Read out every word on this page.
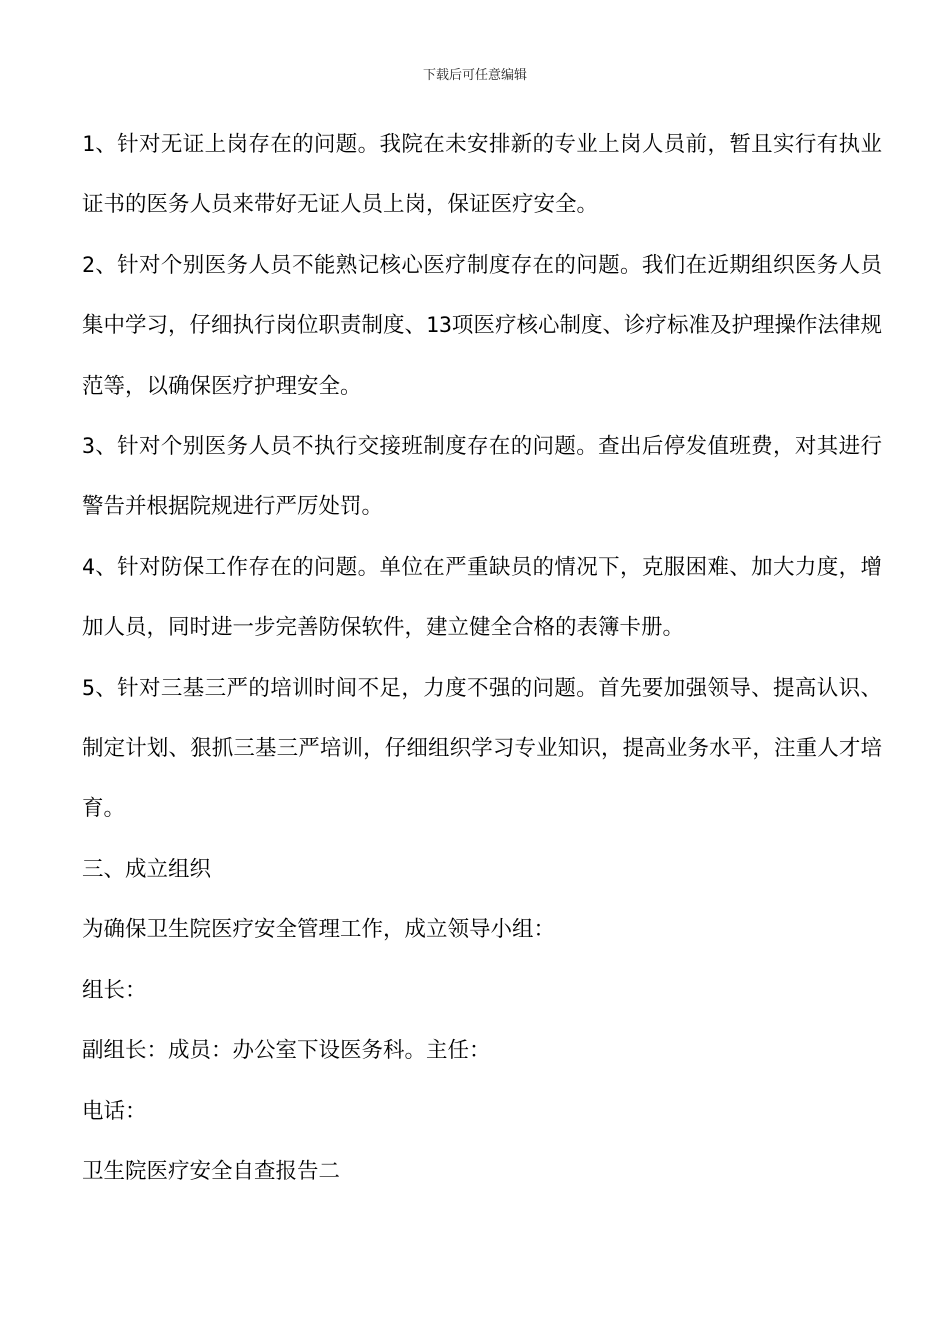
下载后可任意编辑

1、针对无证上岗存在的问题。我院在未安排新的专业上岗人员前，暂且实行有执业证书的医务人员来带好无证人员上岗，保证医疗安全。

2、针对个别医务人员不能熟记核心医疗制度存在的问题。我们在近期组织医务人员集中学习，仔细执行岗位职责制度、13项医疗核心制度、诊疗标准及护理操作法律规范等，以确保医疗护理安全。

3、针对个别医务人员不执行交接班制度存在的问题。查出后停发值班费，对其进行警告并根据院规进行严厉处罚。

4、针对防保工作存在的问题。单位在严重缺员的情况下，克服困难、加大力度，增加人员，同时进一步完善防保软件，建立健全合格的表簿卡册。

5、针对三基三严的培训时间不足，力度不强的问题。首先要加强领导、提高认识、制定计划、狠抓三基三严培训，仔细组织学习专业知识，提高业务水平，注重人才培育。

三、成立组织

为确保卫生院医疗安全管理工作，成立领导小组：

组长：

副组长：成员：办公室下设医务科。主任：

电话：

卫生院医疗安全自查报告二
